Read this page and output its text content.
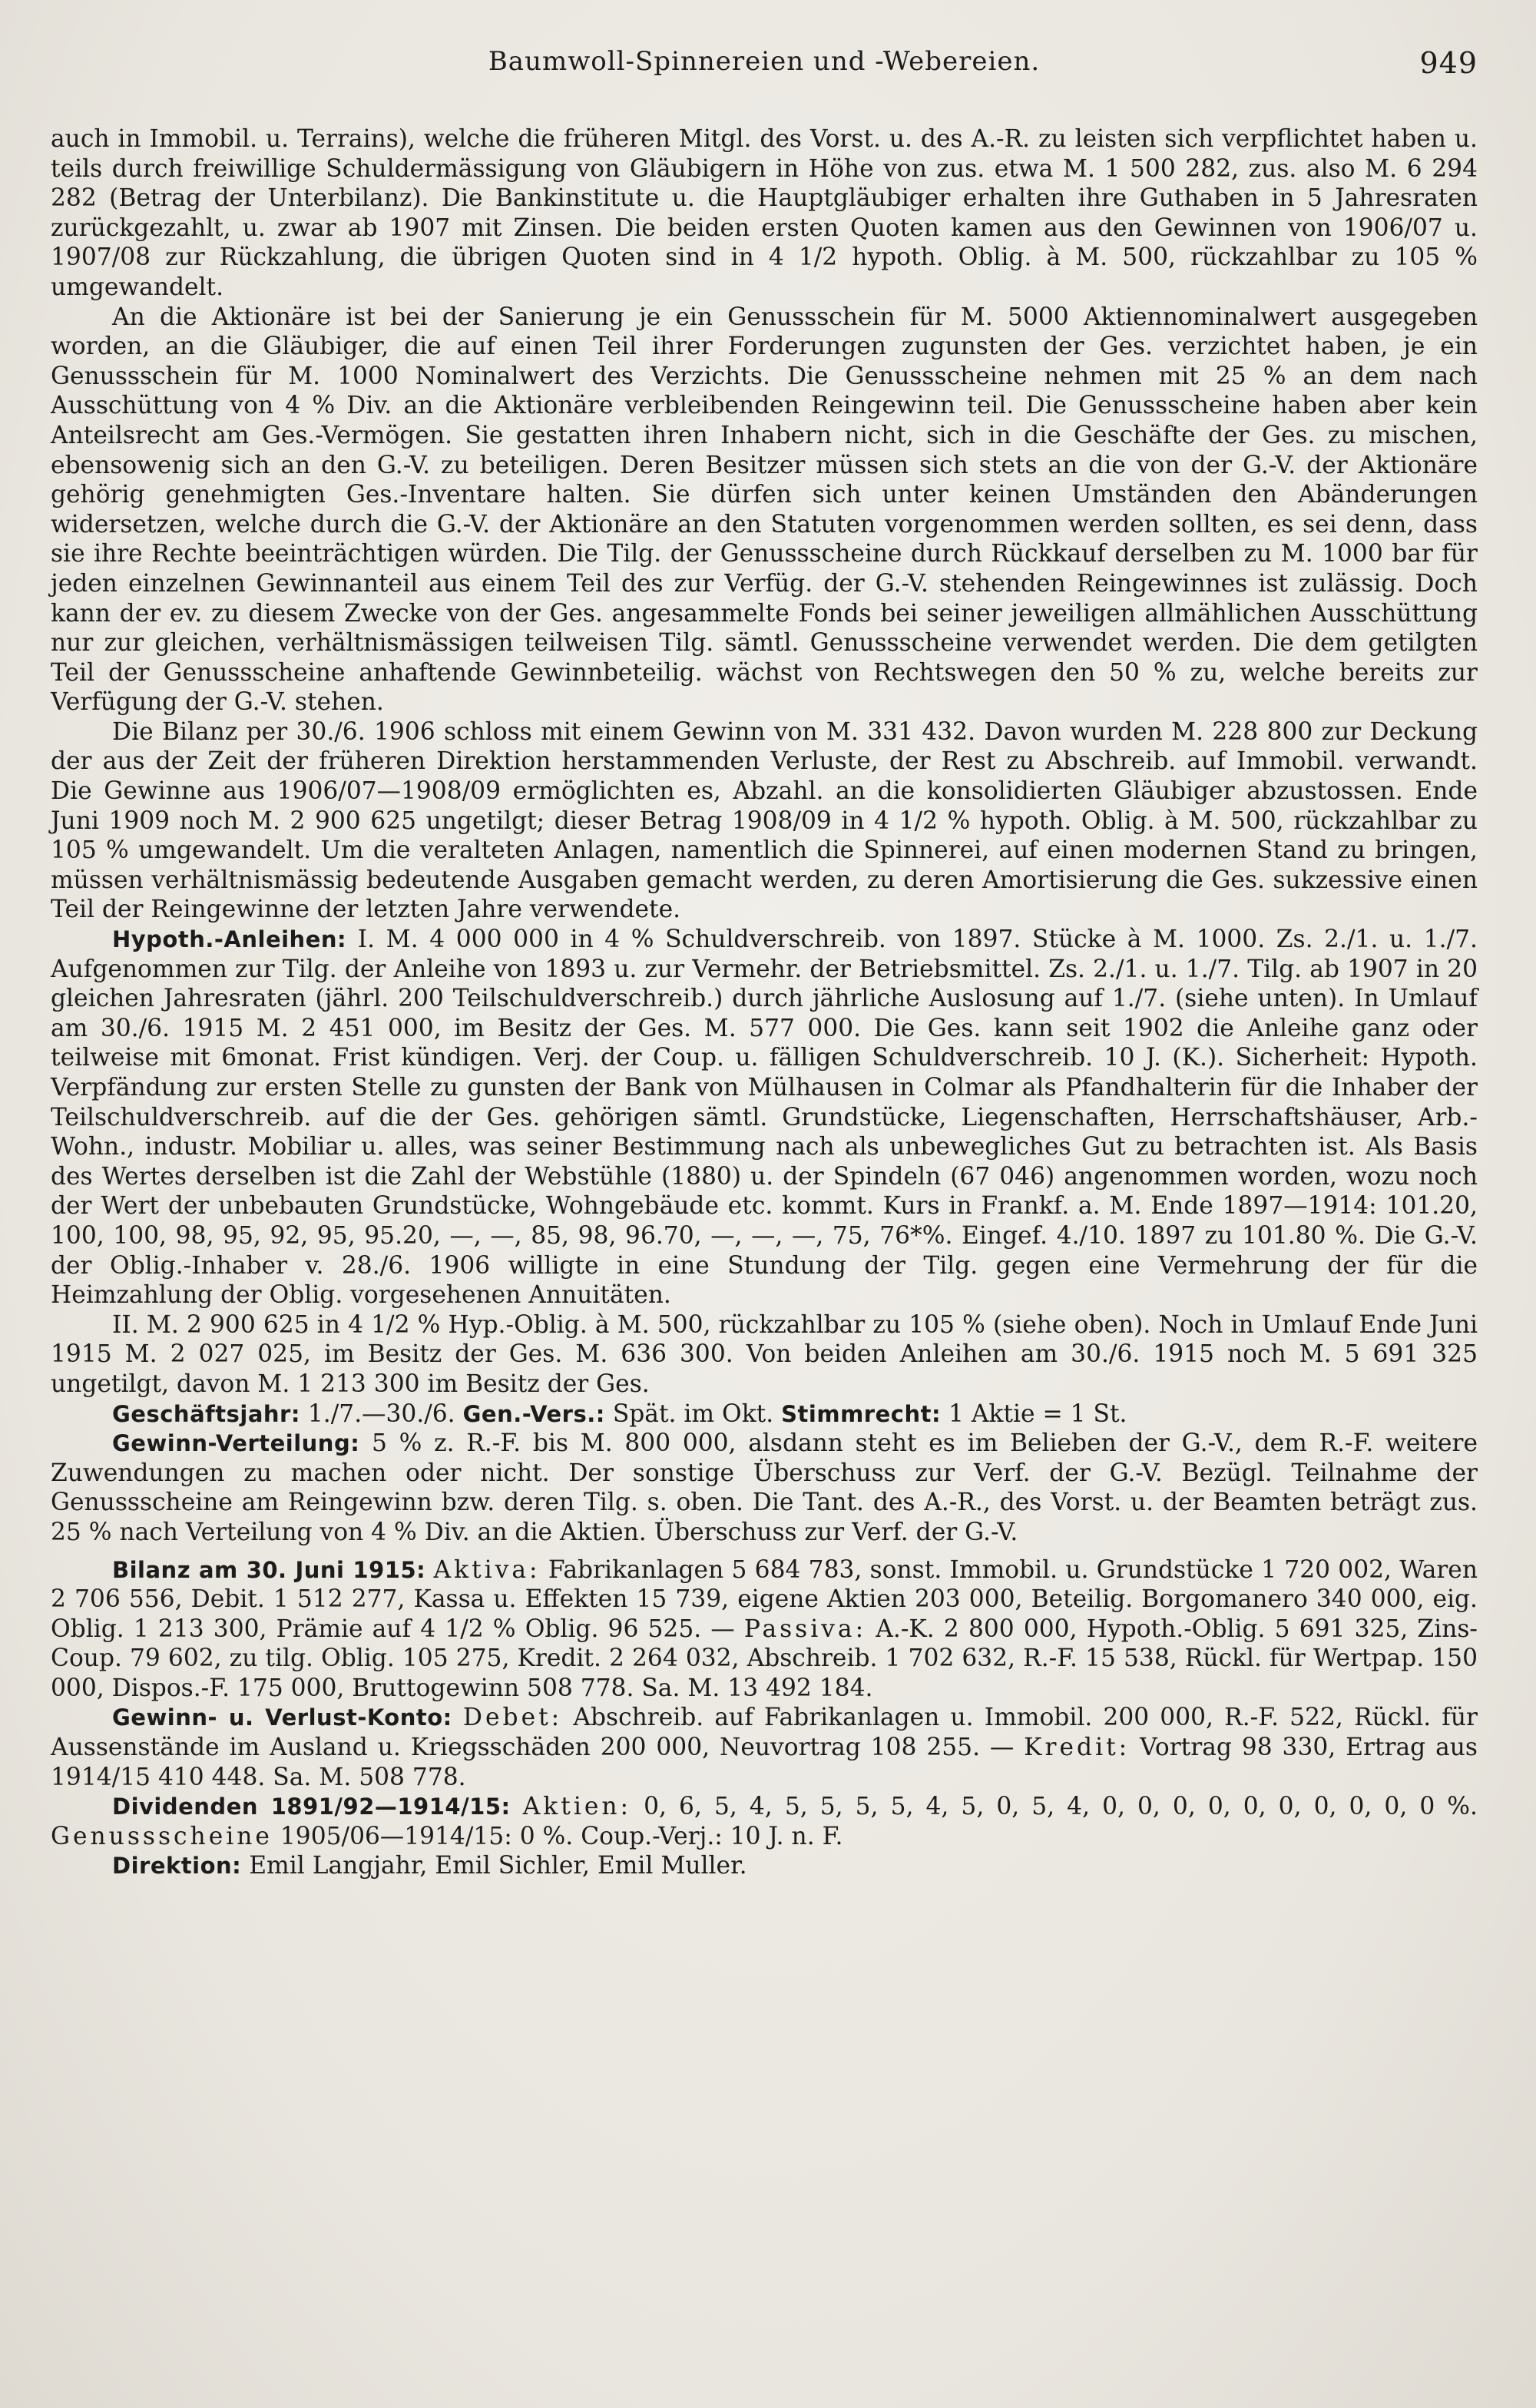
Baumwoll-Spinnereien und -Webereien.	949

auch in Immobil. u. Terrains), welche die früheren Mitgl. des Vorst. u. des A.-R. zu leisten sich verpflichtet haben u. teils durch freiwillige Schuldermässigung von Gläubigern in Höhe von zus. etwa M. 1 500 282, zus. also M. 6 294 282 (Betrag der Unterbilanz). Die Bankinstitute u. die Hauptgläubiger erhalten ihre Guthaben in 5 Jahresraten zurückgezahlt, u. zwar ab 1907 mit Zinsen. Die beiden ersten Quoten kamen aus den Gewinnen von 1906/07 u. 1907/08 zur Rückzahlung, die übrigen Quoten sind in 4 1/2 hypoth. Oblig. à M. 500, rückzahlbar zu 105 % umgewandelt.

An die Aktionäre ist bei der Sanierung je ein Genussschein für M. 5000 Aktiennominalwert ausgegeben worden, an die Gläubiger, die auf einen Teil ihrer Forderungen zugunsten der Ges. verzichtet haben, je ein Genussschein für M. 1000 Nominalwert des Verzichts. Die Genussscheine nehmen mit 25 % an dem nach Ausschüttung von 4 % Div. an die Aktionäre verbleibenden Reingewinn teil. Die Genussscheine haben aber kein Anteilsrecht am Ges.-Vermögen. Sie gestatten ihren Inhabern nicht, sich in die Geschäfte der Ges. zu mischen, ebensowenig sich an den G.-V. zu beteiligen. Deren Besitzer müssen sich stets an die von der G.-V. der Aktionäre gehörig genehmigten Ges.-Inventare halten. Sie dürfen sich unter keinen Umständen den Abänderungen widersetzen, welche durch die G.-V. der Aktionäre an den Statuten vorgenommen werden sollten, es sei denn, dass sie ihre Rechte beeinträchtigen würden. Die Tilg. der Genussscheine durch Rückkauf derselben zu M. 1000 bar für jeden einzelnen Gewinnanteil aus einem Teil des zur Verfüg. der G.-V. stehenden Reingewinnes ist zulässig. Doch kann der ev. zu diesem Zwecke von der Ges. angesammelte Fonds bei seiner jeweiligen allmählichen Ausschüttung nur zur gleichen, verhältnismässigen teilweisen Tilg. sämtl. Genussscheine verwendet werden. Die dem getilgten Teil der Genussscheine anhaftende Gewinnbeteilig. wächst von Rechtswegen den 50 % zu, welche bereits zur Verfügung der G.-V. stehen.

Die Bilanz per 30./6. 1906 schloss mit einem Gewinn von M. 331 432. Davon wurden M. 228 800 zur Deckung der aus der Zeit der früheren Direktion herstammenden Verluste, der Rest zu Abschreib. auf Immobil. verwandt. Die Gewinne aus 1906/07—1908/09 ermöglichten es, Abzahl. an die konsolidierten Gläubiger abzustossen. Ende Juni 1909 noch M. 2 900 625 ungetilgt; dieser Betrag 1908/09 in 4 1/2 % hypoth. Oblig. à M. 500, rückzahlbar zu 105 % umgewandelt. Um die veralteten Anlagen, namentlich die Spinnerei, auf einen modernen Stand zu bringen, müssen verhältnismässig bedeutende Ausgaben gemacht werden, zu deren Amortisierung die Ges. sukzessive einen Teil der Reingewinne der letzten Jahre verwendete.

Hypoth.-Anleihen: I. M. 4 000 000 in 4 % Schuldverschreib. von 1897. Stücke à M. 1000. Zs. 2./1. u. 1./7. Aufgenommen zur Tilg. der Anleihe von 1893 u. zur Vermehr. der Betriebsmittel. Zs. 2./1. u. 1./7. Tilg. ab 1907 in 20 gleichen Jahresraten (jährl. 200 Teilschuldverschreib.) durch jährliche Auslosung auf 1./7. (siehe unten). In Umlauf am 30./6. 1915 M. 2 451 000, im Besitz der Ges. M. 577 000. Die Ges. kann seit 1902 die Anleihe ganz oder teilweise mit 6monat. Frist kündigen. Verj. der Coup. u. fälligen Schuldverschreib. 10 J. (K.). Sicherheit: Hypoth. Verpfändung zur ersten Stelle zu gunsten der Bank von Mülhausen in Colmar als Pfandhalterin für die Inhaber der Teilschuldverschreib. auf die der Ges. gehörigen sämtl. Grundstücke, Liegenschaften, Herrschaftshäuser, Arb.-Wohn., industr. Mobiliar u. alles, was seiner Bestimmung nach als unbewegliches Gut zu betrachten ist. Als Basis des Wertes derselben ist die Zahl der Webstühle (1880) u. der Spindeln (67 046) angenommen worden, wozu noch der Wert der unbebauten Grundstücke, Wohngebäude etc. kommt. Kurs in Frankf. a. M. Ende 1897—1914: 101.20, 100, 100, 98, 95, 92, 95, 95.20, —, —, 85, 98, 96.70, —, —, —, 75, 76*%. Eingef. 4./10. 1897 zu 101.80 %. Die G.-V. der Oblig.-Inhaber v. 28./6. 1906 willigte in eine Stundung der Tilg. gegen eine Vermehrung der für die Heimzahlung der Oblig. vorgesehenen Annuitäten.

II. M. 2 900 625 in 4 1/2 % Hyp.-Oblig. à M. 500, rückzahlbar zu 105 % (siehe oben). Noch in Umlauf Ende Juni 1915 M. 2 027 025, im Besitz der Ges. M. 636 300. Von beiden Anleihen am 30./6. 1915 noch M. 5 691 325 ungetilgt, davon M. 1 213 300 im Besitz der Ges.

Geschäftsjahr: 1./7.—30./6. Gen.-Vers.: Spät. im Okt. Stimmrecht: 1 Aktie = 1 St.

Gewinn-Verteilung: 5 % z. R.-F. bis M. 800 000, alsdann steht es im Belieben der G.-V., dem R.-F. weitere Zuwendungen zu machen oder nicht. Der sonstige Überschuss zur Verf. der G.-V. Bezügl. Teilnahme der Genussscheine am Reingewinn bzw. deren Tilg. s. oben. Die Tant. des A.-R., des Vorst. u. der Beamten beträgt zus. 25 % nach Verteilung von 4 % Div. an die Aktien. Überschuss zur Verf. der G.-V.

Bilanz am 30. Juni 1915: Aktiva: Fabrikanlagen 5 684 783, sonst. Immobil. u. Grundstücke 1 720 002, Waren 2 706 556, Debit. 1 512 277, Kassa u. Effekten 15 739, eigene Aktien 203 000, Beteilig. Borgomanero 340 000, eig. Oblig. 1 213 300, Prämie auf 4 1/2 % Oblig. 96 525. — Passiva: A.-K. 2 800 000, Hypoth.-Oblig. 5 691 325, Zins-Coup. 79 602, zu tilg. Oblig. 105 275, Kredit. 2 264 032, Abschreib. 1 702 632, R.-F. 15 538, Rückl. für Wertpap. 150 000, Dispos.-F. 175 000, Bruttogewinn 508 778. Sa. M. 13 492 184.

Gewinn- u. Verlust-Konto: Debet: Abschreib. auf Fabrikanlagen u. Immobil. 200 000, R.-F. 522, Rückl. für Aussenstände im Ausland u. Kriegsschäden 200 000, Neuvortrag 108 255. — Kredit: Vortrag 98 330, Ertrag aus 1914/15 410 448. Sa. M. 508 778.

Dividenden 1891/92—1914/15: Aktien: 0, 6, 5, 4, 5, 5, 5, 5, 4, 5, 0, 5, 4, 0, 0, 0, 0, 0, 0, 0, 0, 0, 0 %. Genussscheine 1905/06—1914/15: 0 %. Coup.-Verj.: 10 J. n. F.

Direktion: Emil Langjahr, Emil Sichler, Emil Muller.
